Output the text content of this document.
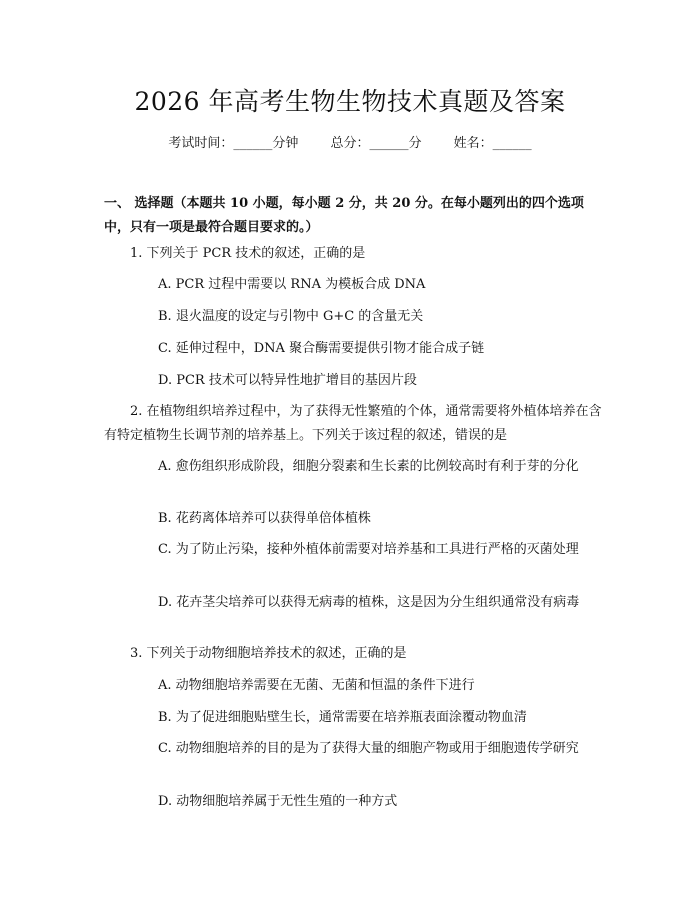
2026 年高考生物生物技术真题及答案
考试时间：______分钟 总分：______分 姓名：______
一、 选择题（本题共 10 小题，每小题 2 分，共 20 分。在每小题列出的四个选项中，只有一项是最符合题目要求的。）
1. 下列关于 PCR 技术的叙述，正确的是
A. PCR 过程中需要以 RNA 为模板合成 DNA
B. 退火温度的设定与引物中 G+C 的含量无关
C. 延伸过程中，DNA 聚合酶需要提供引物才能合成子链
D. PCR 技术可以特异性地扩增目的基因片段
2. 在植物组织培养过程中，为了获得无性繁殖的个体，通常需要将外植体培养在含有特定植物生长调节剂的培养基上。下列关于该过程的叙述，错误的是
A. 愈伤组织形成阶段，细胞分裂素和生长素的比例较高时有利于芽的分化
B. 花药离体培养可以获得单倍体植株
C. 为了防止污染，接种外植体前需要对培养基和工具进行严格的灭菌处理
D. 花卉茎尖培养可以获得无病毒的植株，这是因为分生组织通常没有病毒
3. 下列关于动物细胞培养技术的叙述，正确的是
A. 动物细胞培养需要在无菌、无菌和恒温的条件下进行
B. 为了促进细胞贴壁生长，通常需要在培养瓶表面涂覆动物血清
C. 动物细胞培养的目的是为了获得大量的细胞产物或用于细胞遗传学研究
D. 动物细胞培养属于无性生殖的一种方式
